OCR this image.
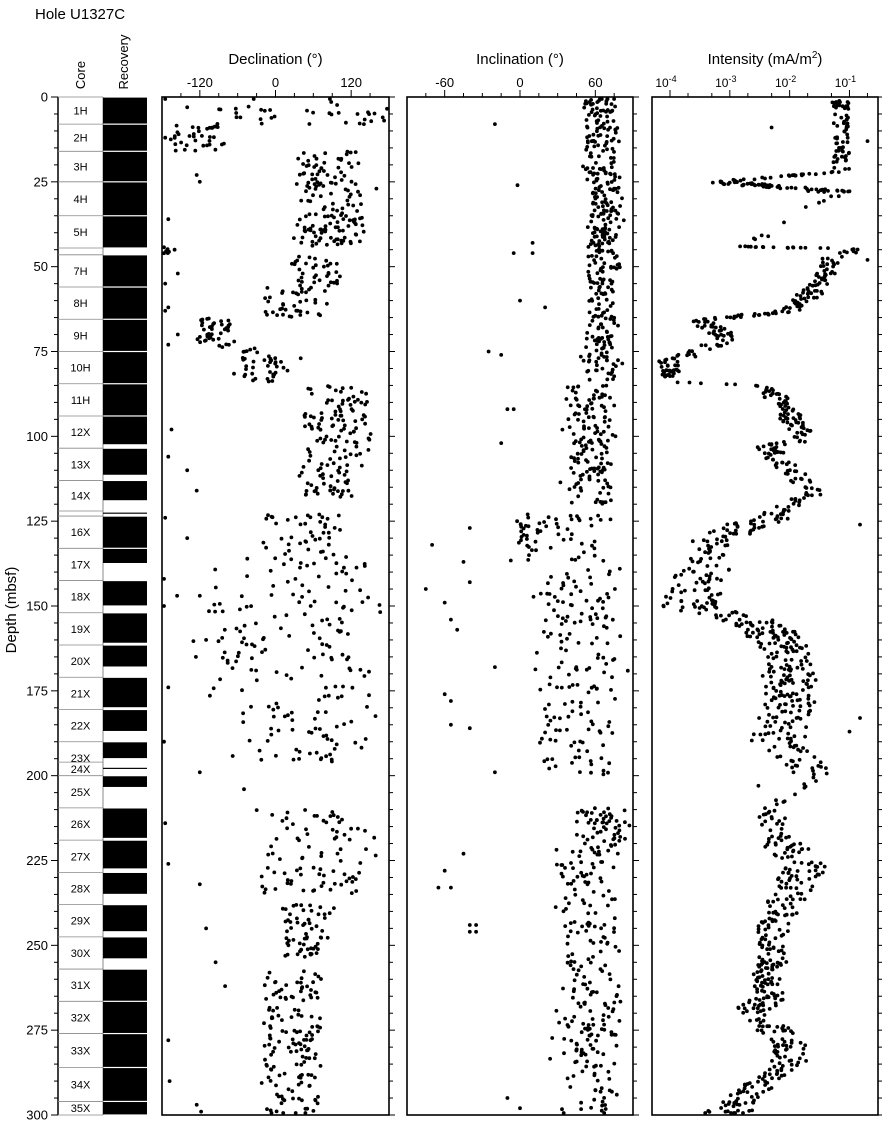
Hole U1327C
Depth (mbsf)
Core Recovery
0
25
50
75
100
125
150
175
200
225
250
275
300
1H
2H
3H
4H
5H
7H
8H
9H
10H
11H
12X
13X
14X
16X
17X
18X
19X
20X
21X
22X
23X
24X
25X
26X
27X
28X
29X
30X
31X
32X
33X
34X
35X
-120	0	120
Declination (°)
-60	0	60
Inclination (°)
$10^{-4}$	$10^{-3}$	$10^{-2}$	$10^{-1}$
Intensity $(mA/m^2)$
